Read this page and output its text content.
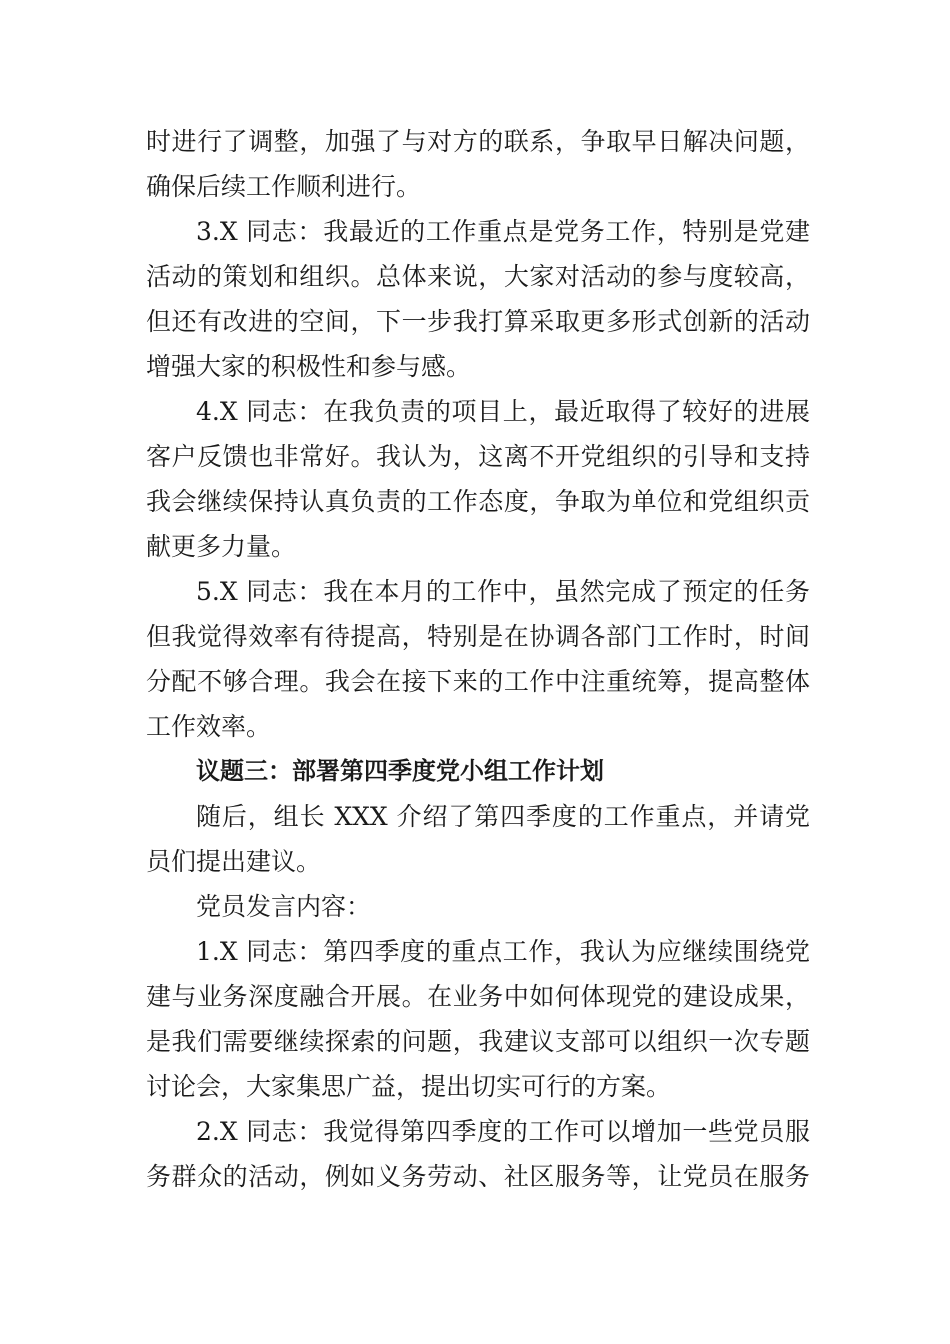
时进行了调整，加强了与对方的联系，争取早日解决问题，
确保后续工作顺利进行。
3.X 同志：我最近的工作重点是党务工作，特别是党建
活动的策划和组织。总体来说，大家对活动的参与度较高，
但还有改进的空间，下一步我打算采取更多形式创新的活动
增强大家的积极性和参与感。
4.X 同志：在我负责的项目上，最近取得了较好的进展
客户反馈也非常好。我认为，这离不开党组织的引导和支持
我会继续保持认真负责的工作态度，争取为单位和党组织贡
献更多力量。
5.X 同志：我在本月的工作中，虽然完成了预定的任务
但我觉得效率有待提高，特别是在协调各部门工作时，时间
分配不够合理。我会在接下来的工作中注重统筹，提高整体
工作效率。
议题三：部署第四季度党小组工作计划
随后，组长 XXX 介绍了第四季度的工作重点，并请党
员们提出建议。
党员发言内容：
1.X 同志：第四季度的重点工作，我认为应继续围绕党
建与业务深度融合开展。在业务中如何体现党的建设成果，
是我们需要继续探索的问题，我建议支部可以组织一次专题
讨论会，大家集思广益，提出切实可行的方案。
2.X 同志：我觉得第四季度的工作可以增加一些党员服
务群众的活动，例如义务劳动、社区服务等，让党员在服务
